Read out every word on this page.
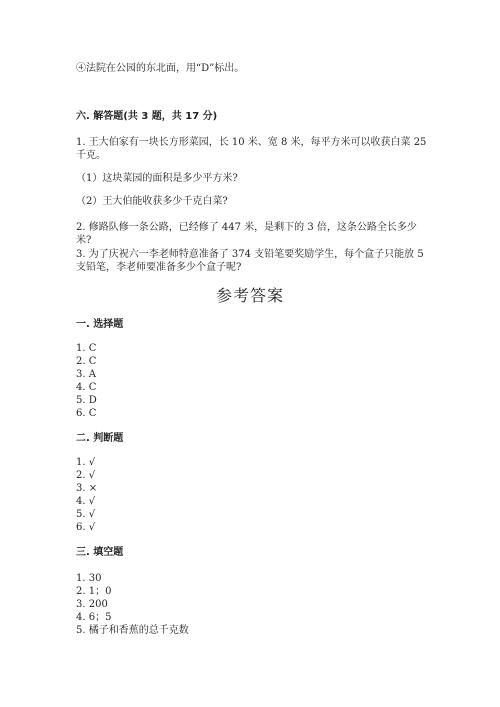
④法院在公园的东北面，用“D”标出。
六. 解答题(共 3 题，共 17 分)
1. 王大伯家有一块长方形菜园，长 10 米、宽 8 米，每平方米可以收获白菜 25
千克。
（1）这块菜园的面积是多少平方米?
（2）王大伯能收获多少千克白菜?
2. 修路队修一条公路，已经修了 447 米，是剩下的 3 倍，这条公路全长多少
米?
3. 为了庆祝六一李老师特意准备了 374 支铅笔要奖励学生，每个盒子只能放 5
支铅笔，李老师要准备多少个盒子呢?
参考答案
一. 选择题
1. C
2. C
3. A
4. C
5. D
6. C
二. 判断题
1. √
2. √
3. ×
4. √
5. √
6. √
三. 填空题
1. 30
2. 1；0
3. 200
4. 6；5
5. 橘子和香蕉的总千克数
